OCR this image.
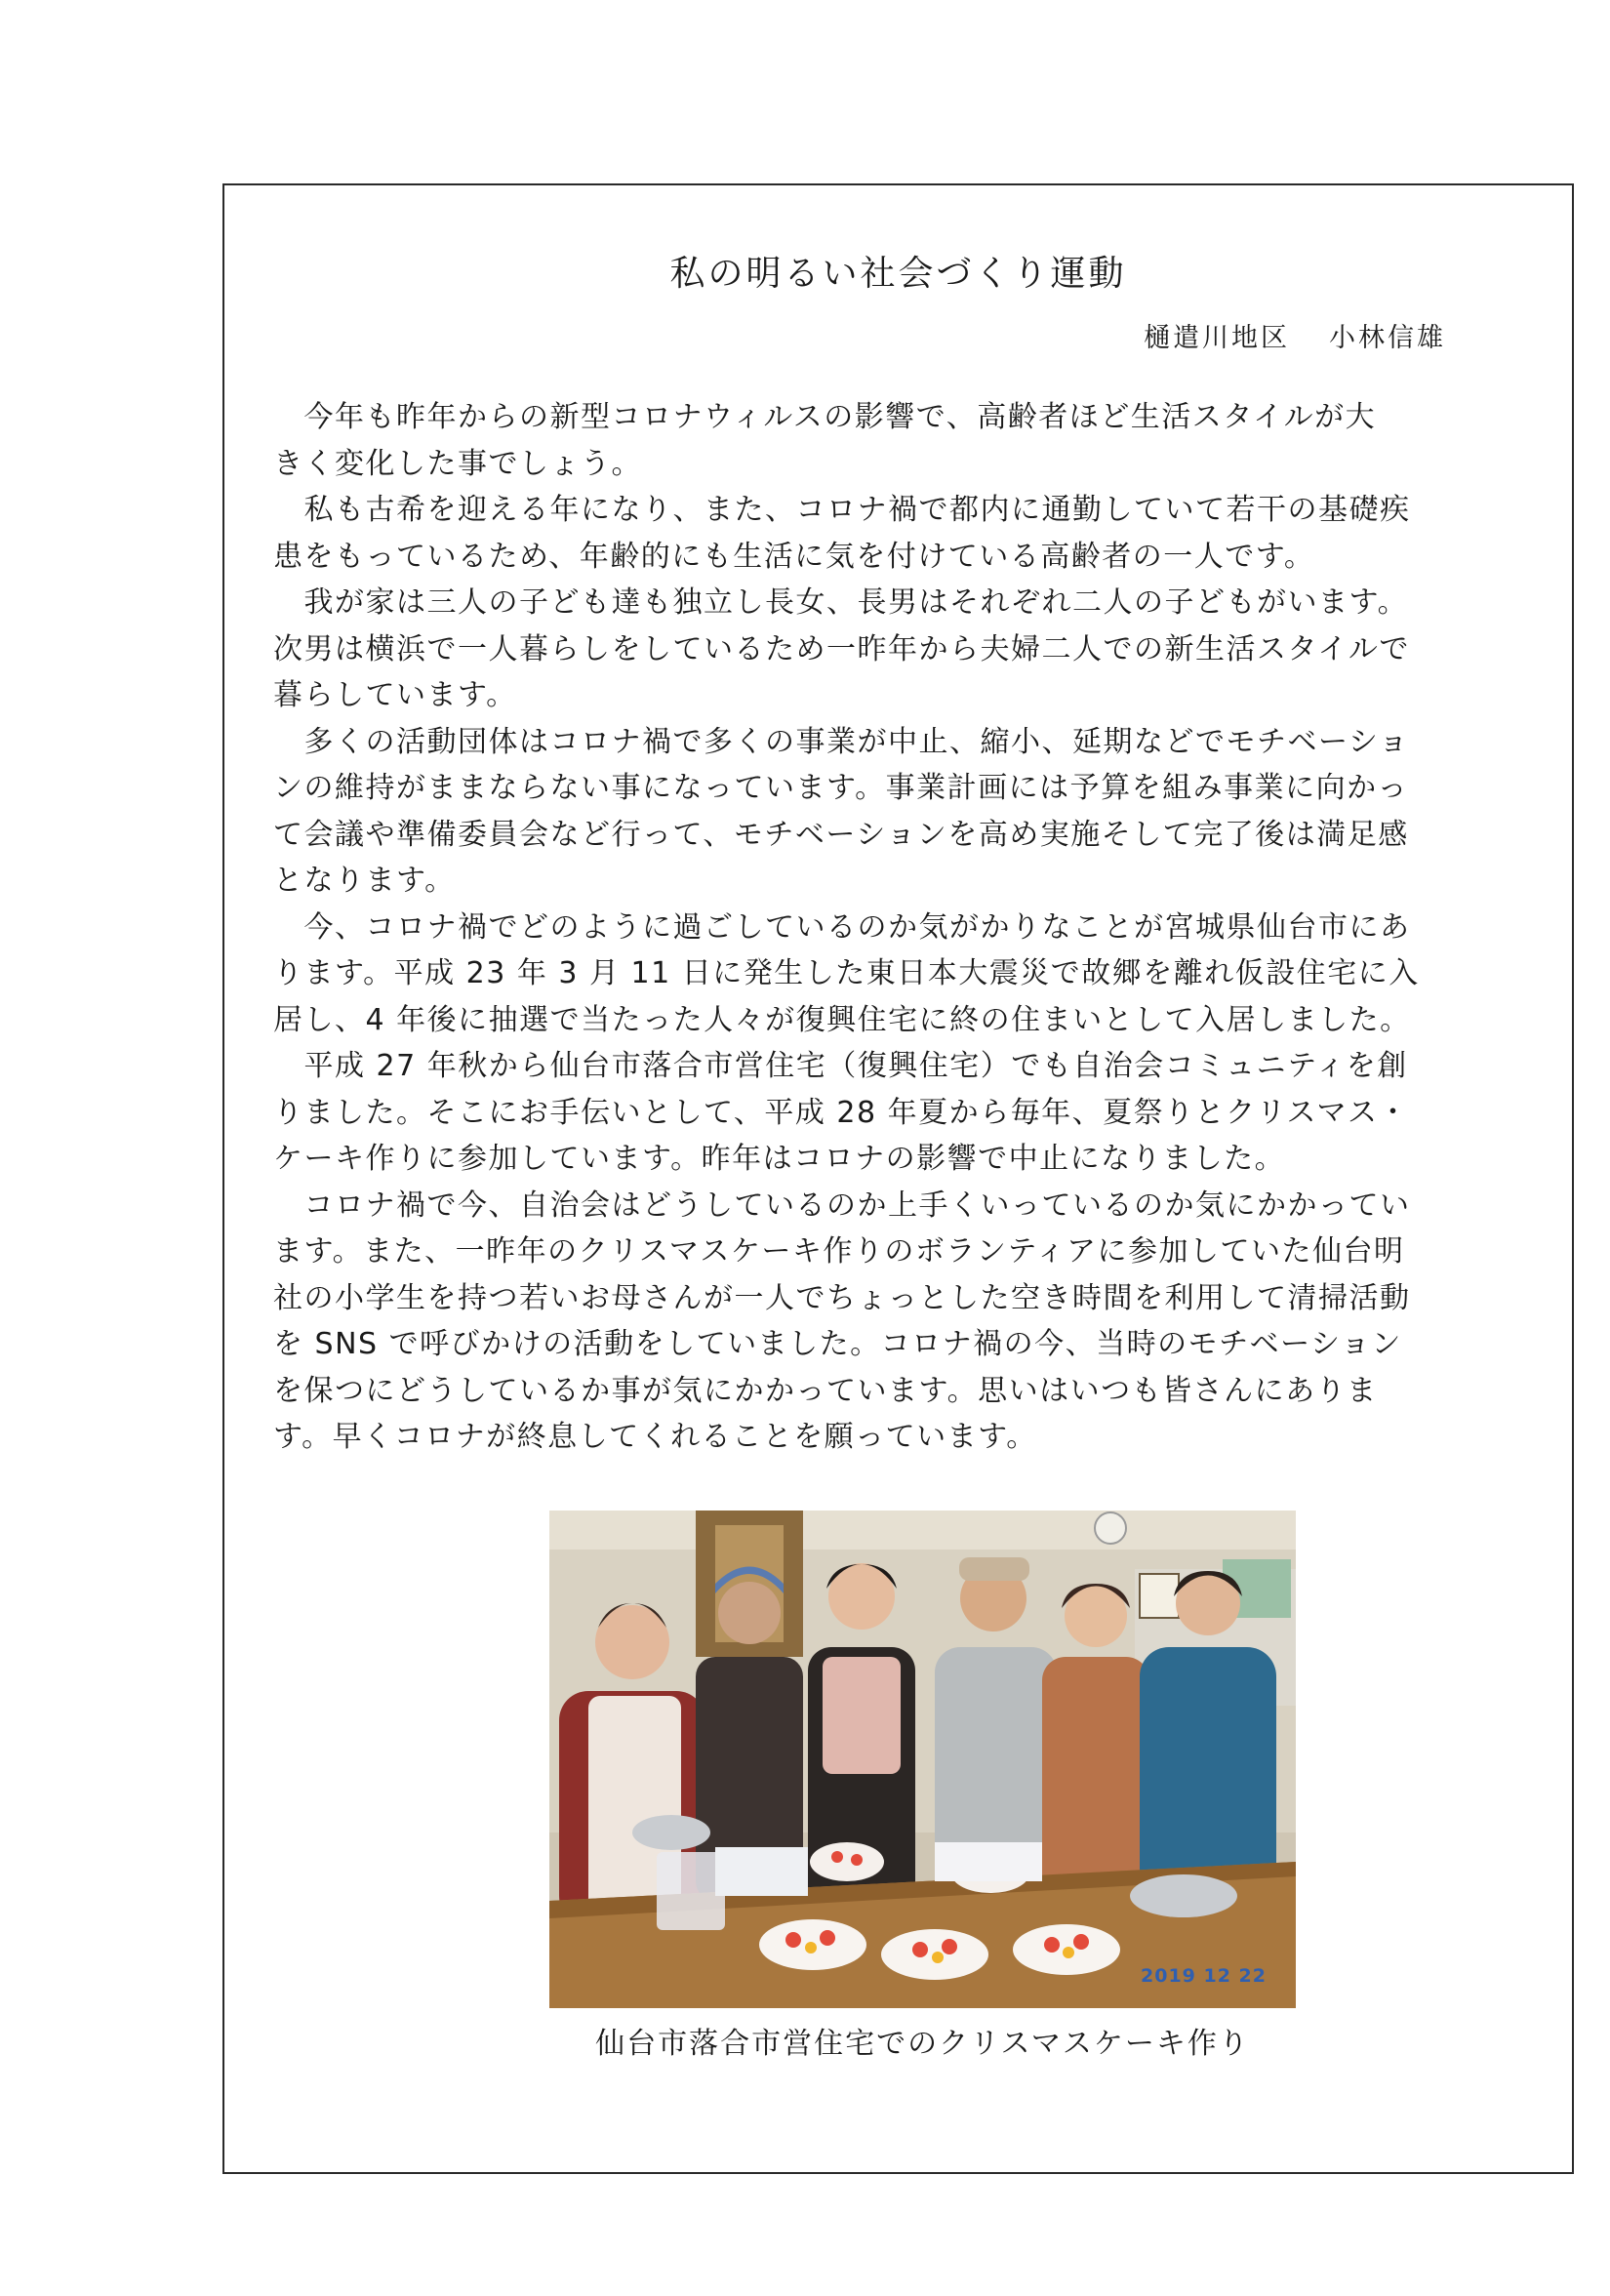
私の明るい社会づくり運動
樋遣川地区 小林信雄

　今年も昨年からの新型コロナウィルスの影響で、高齢者ほど生活スタイルが大
きく変化した事でしょう。

　私も古希を迎える年になり、また、コロナ禍で都内に通勤していて若干の基礎疾
患をもっているため、年齢的にも生活に気を付けている高齢者の一人です。

　我が家は三人の子ども達も独立し長女、長男はそれぞれ二人の子どもがいます。
次男は横浜で一人暮らしをしているため一昨年から夫婦二人での新生活スタイルで
暮らしています。

　多くの活動団体はコロナ禍で多くの事業が中止、縮小、延期などでモチベーショ
ンの維持がままならない事になっています。事業計画には予算を組み事業に向かっ
て会議や準備委員会など行って、モチベーションを高め実施そして完了後は満足感
となります。

　今、コロナ禍でどのように過ごしているのか気がかりなことが宮城県仙台市にあ
ります。平成 23 年 3 月 11 日に発生した東日本大震災で故郷を離れ仮設住宅に入
居し、4 年後に抽選で当たった人々が復興住宅に終の住まいとして入居しました。

　平成 27 年秋から仙台市落合市営住宅（復興住宅）でも自治会コミュニティを創
りました。そこにお手伝いとして、平成 28 年夏から毎年、夏祭りとクリスマス・
ケーキ作りに参加しています。昨年はコロナの影響で中止になりました。

　コロナ禍で今、自治会はどうしているのか上手くいっているのか気にかかってい
ます。また、一昨年のクリスマスケーキ作りのボランティアに参加していた仙台明
社の小学生を持つ若いお母さんが一人でちょっとした空き時間を利用して清掃活動
を SNS で呼びかけの活動をしていました。コロナ禍の今、当時のモチベーション
を保つにどうしているか事が気にかかっています。思いはいつも皆さんにありま
す。早くコロナが終息してくれることを願っています。

2019 12 22
仙台市落合市営住宅でのクリスマスケーキ作り
